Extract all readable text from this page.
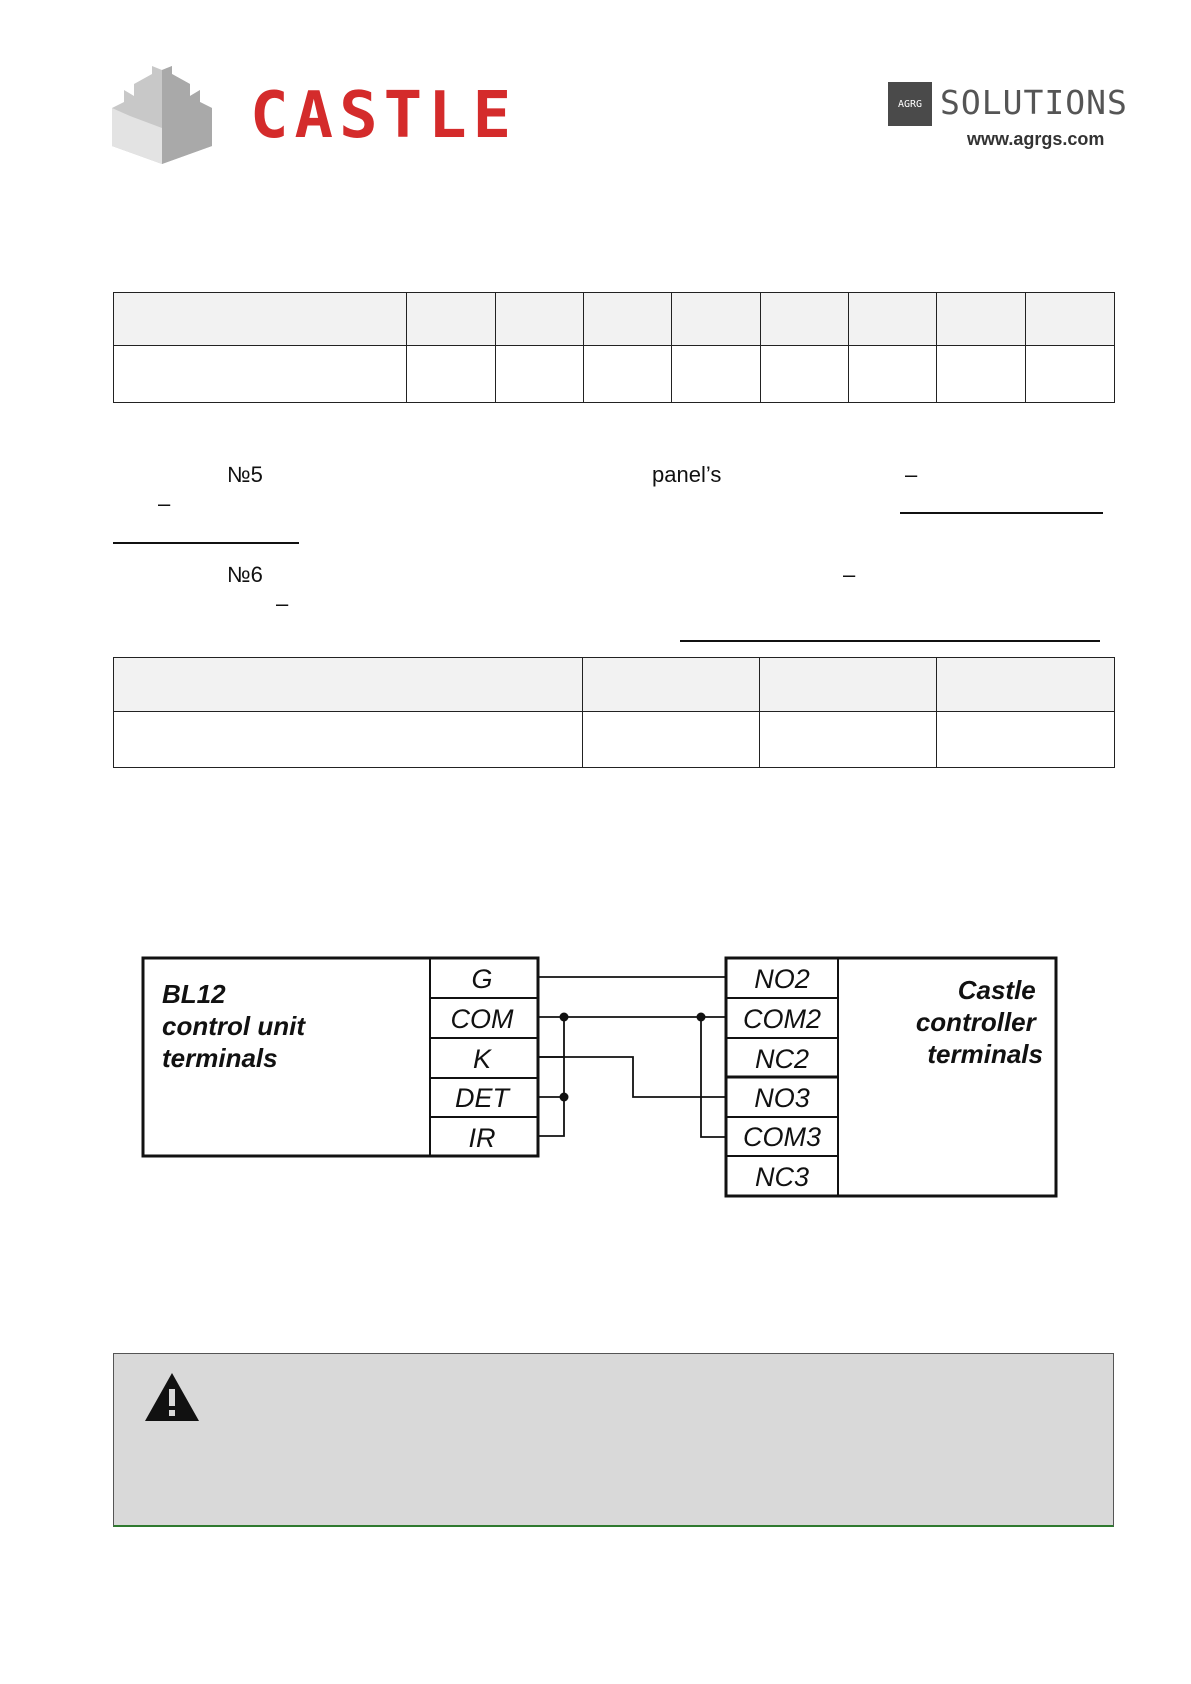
CASTLE	AGRG SOLUTIONS
www.agrgs.com

№5	panel’s	–
–
№6	–
–

BL12 control unit terminals
G
COM
K
DET
IR
Castle controller terminals
NO2
COM2
NC2
NO3
COM3
NC3
